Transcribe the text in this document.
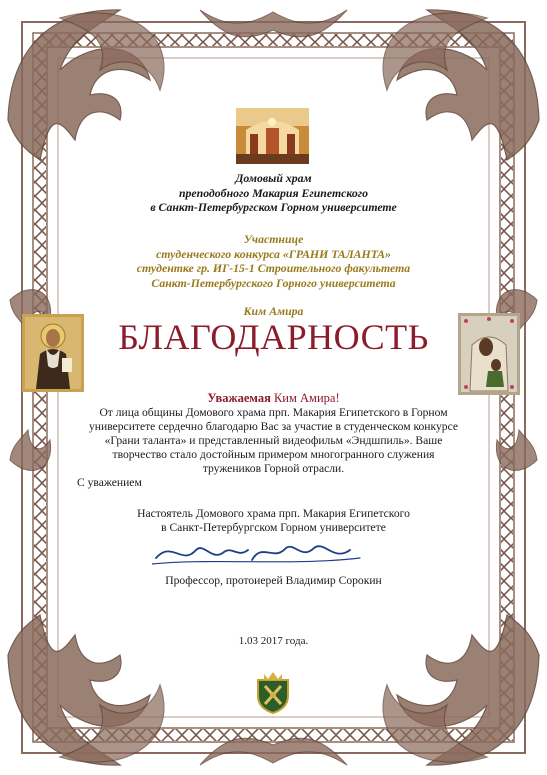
Домовый храм
преподобного Макария Египетского
в Санкт-Петербургском Горном университете
Участнице
студенческого конкурса «ГРАНИ ТАЛАНТА»
студентке гр. ИГ-15-1 Строительного факультета
Санкт-Петербургского Горного университета
Ким Амира
БЛАГОДАРНОСТЬ
Уважаемая Ким Амира!
От лица общины Домового храма прп. Макария Египетского в Горном
университете сердечно благодарю Вас за участие в студенческом конкурсе
«Грани таланта» и представленный видеофильм «Эндшпиль». Ваше
творчество стало достойным примером многогранного служения
тружеников Горной отрасли.
С уважением
Настоятель Домового храма прп. Макария Египетского
в Санкт-Петербургском Горном университете
Профессор, протоиерей Владимир Сорокин
1.03 2017 года.
